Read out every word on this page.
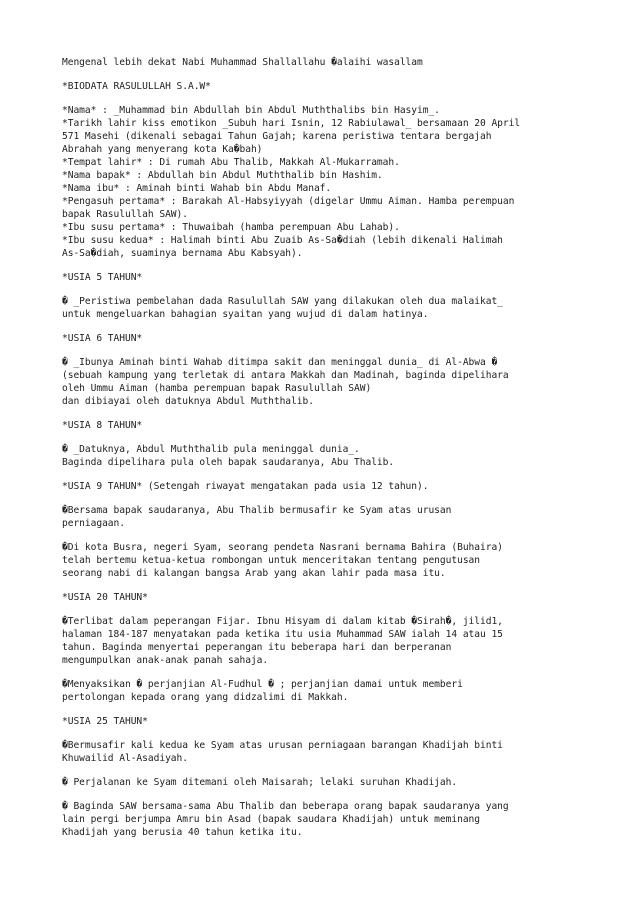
Mengenal lebih dekat Nabi Muhammad Shallallahu �alaihi wasallam
*BIODATA RASULULLAH S.A.W*
*Nama* : _Muhammad bin Abdullah bin Abdul Muththalibs bin Hasyim_.
*Tarikh lahir kiss emotikon _Subuh hari Isnin, 12 Rabiulawal_ bersamaan 20 April
571 Masehi (dikenali sebagai Tahun Gajah; karena peristiwa tentara bergajah
Abrahah yang menyerang kota Ka�bah)
*Tempat lahir* : Di rumah Abu Thalib, Makkah Al-Mukarramah.
*Nama bapak* : Abdullah bin Abdul Muththalib bin Hashim.
*Nama ibu* : Aminah binti Wahab bin Abdu Manaf.
*Pengasuh pertama* : Barakah Al-Habsyiyyah (digelar Ummu Aiman. Hamba perempuan
bapak Rasulullah SAW).
*Ibu susu pertama* : Thuwaibah (hamba perempuan Abu Lahab).
*Ibu susu kedua* : Halimah binti Abu Zuaib As-Sa�diah (lebih dikenali Halimah
As-Sa�diah, suaminya bernama Abu Kabsyah).
*USIA 5 TAHUN*
� _Peristiwa pembelahan dada Rasulullah SAW yang dilakukan oleh dua malaikat_
untuk mengeluarkan bahagian syaitan yang wujud di dalam hatinya.
*USIA 6 TAHUN*
� _Ibunya Aminah binti Wahab ditimpa sakit dan meninggal dunia_ di Al-Abwa �
(sebuah kampung yang terletak di antara Makkah dan Madinah, baginda dipelihara
oleh Ummu Aiman (hamba perempuan bapak Rasulullah SAW)
dan dibiayai oleh datuknya Abdul Muththalib.
*USIA 8 TAHUN*
� _Datuknya, Abdul Muththalib pula meninggal dunia_.
Baginda dipelihara pula oleh bapak saudaranya, Abu Thalib.
*USIA 9 TAHUN* (Setengah riwayat mengatakan pada usia 12 tahun).
�Bersama bapak saudaranya, Abu Thalib bermusafir ke Syam atas urusan
perniagaan.
�Di kota Busra, negeri Syam, seorang pendeta Nasrani bernama Bahira (Buhaira)
telah bertemu ketua-ketua rombongan untuk menceritakan tentang pengutusan
seorang nabi di kalangan bangsa Arab yang akan lahir pada masa itu.
*USIA 20 TAHUN*
�Terlibat dalam peperangan Fijar. Ibnu Hisyam di dalam kitab �Sirah�, jilid1,
halaman 184-187 menyatakan pada ketika itu usia Muhammad SAW ialah 14 atau 15
tahun. Baginda menyertai peperangan itu beberapa hari dan berperanan
mengumpulkan anak-anak panah sahaja.
�Menyaksikan � perjanjian Al-Fudhul � ; perjanjian damai untuk memberi
pertolongan kepada orang yang didzalimi di Makkah.
*USIA 25 TAHUN*
�Bermusafir kali kedua ke Syam atas urusan perniagaan barangan Khadijah binti
Khuwailid Al-Asadiyah.
� Perjalanan ke Syam ditemani oleh Maisarah; lelaki suruhan Khadijah.
� Baginda SAW bersama-sama Abu Thalib dan beberapa orang bapak saudaranya yang
lain pergi berjumpa Amru bin Asad (bapak saudara Khadijah) untuk meminang
Khadijah yang berusia 40 tahun ketika itu.
